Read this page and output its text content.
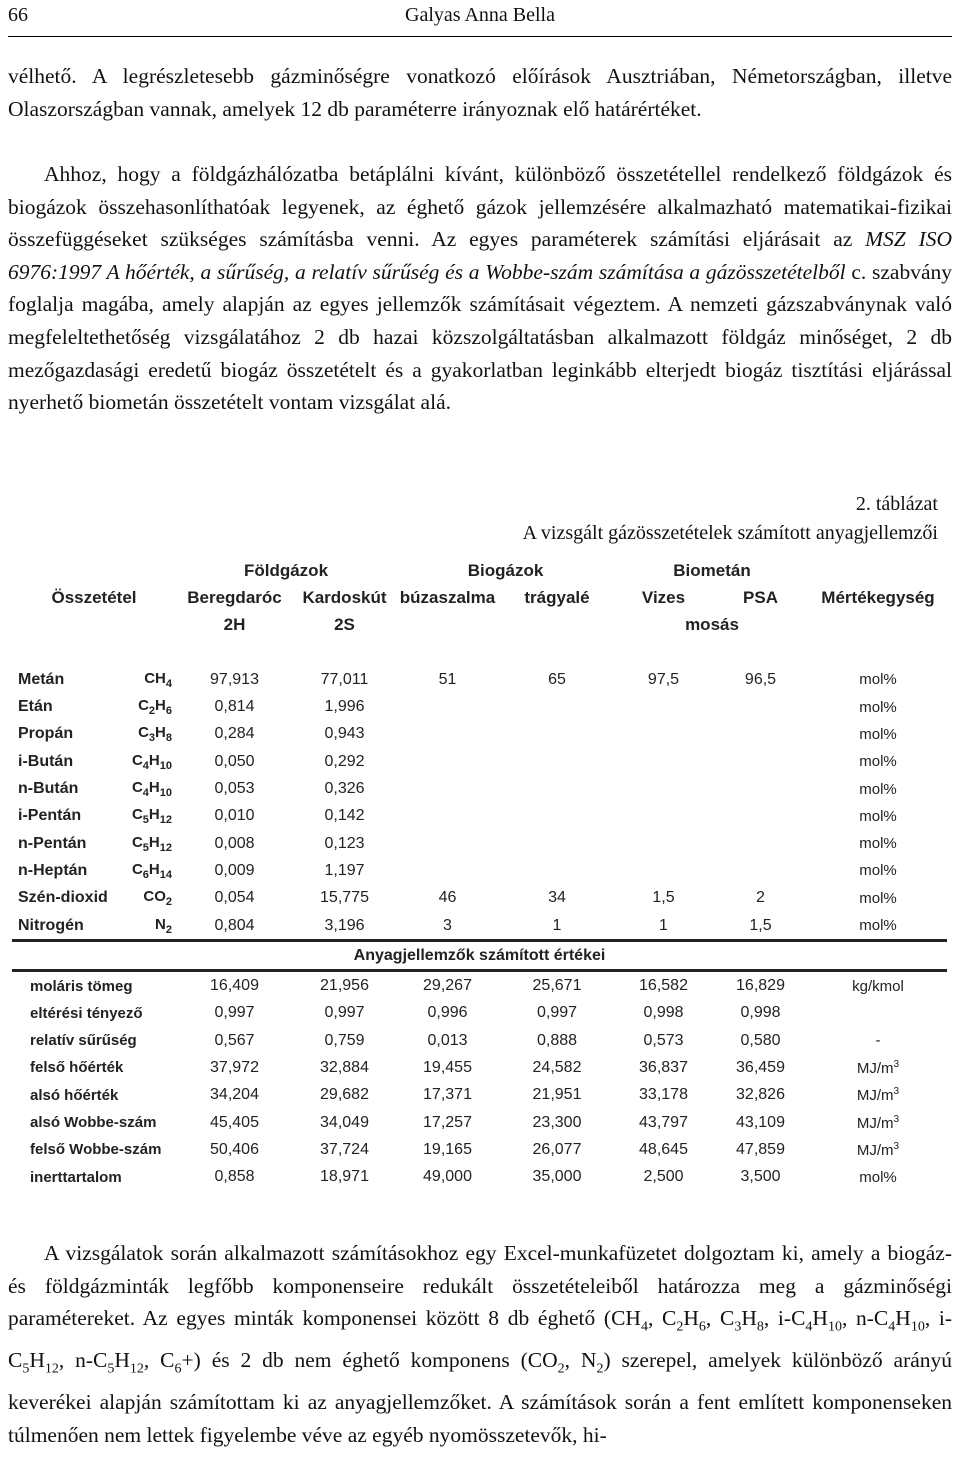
66	Galyas Anna Bella

vélhető. A legrészletesebb gázminőségre vonatkozó előírások Ausztriában, Németországban, illetve Olaszországban vannak, amelyek 12 db paraméterre irányoznak elő határértéket.

Ahhoz, hogy a földgázhálózatba betáplálni kívánt, különböző összetétellel rendelkező földgázok és biogázok összehasonlíthatóak legyenek, az éghető gázok jellemzésére alkalmazható matematikai-fizikai összefüggéseket szükséges számításba venni. Az egyes paraméterek számítási eljárásait az MSZ ISO 6976:1997 A hőérték, a sűrűség, a relatív sűrűség és a Wobbe-szám számítása a gázösszetételből c. szabvány foglalja magába, amely alapján az egyes jellemzők számításait végeztem. A nemzeti gázszabványnak való megfeleltethetőség vizsgálatához 2 db hazai közszolgáltatásban alkalmazott földgáz minőséget, 2 db mezőgazdasági eredetű biogáz összetételt és a gyakorlatban leginkább elterjedt biogáz tisztítási eljárással nyerhető biometán összetételt vontam vizsgálat alá.

2. táblázat
A vizsgált gázösszetételek számított anyagjellemzői
		Földgázok		Biogázok		Biometán		
Összetétel		Beregdaróc	Kardoskút	búzaszalma	trágyalé	Vizes	PSA	Mértékegység
		2H	2S			mosás		

Metán	$CH_4$	97,913	77,011	51	65	97,5	96,5	mol%
Etán	$C_2H_6$	0,814	1,996					mol%
Propán	$C_3H_8$	0,284	0,943					mol%
i-Bután	$C_4H_{10}$	0,050	0,292					mol%
n-Bután	$C_4H_{10}$	0,053	0,326					mol%
i-Pentán	$C_5H_{12}$	0,010	0,142					mol%
n-Pentán	$C_5H_{12}$	0,008	0,123					mol%
n-Heptán	$C_6H_{14}$	0,009	1,197					mol%
Szén-dioxid	$CO_2$	0,054	15,775	46	34	1,5	2	mol%
Nitrogén	$N_2$	0,804	3,196	3	1	1	1,5	mol%
Anyagjellemzők számított értékei								
moláris tömeg		16,409	21,956	29,267	25,671	16,582	16,829	kg/kmol
eltérési tényező		0,997	0,997	0,996	0,997	0,998	0,998	
relatív sűrűség		0,567	0,759	0,013	0,888	0,573	0,580	-
felső hőérték		37,972	32,884	19,455	24,582	36,837	36,459	$MJ/m^3$
alsó hőérték		34,204	29,682	17,371	21,951	33,178	32,826	$MJ/m^3$
alsó Wobbe-szám		45,405	34,049	17,257	23,300	43,797	43,109	$MJ/m^3$
felső Wobbe-szám		50,406	37,724	19,165	26,077	48,645	47,859	$MJ/m^3$
inerttartalom		0,858	18,971	49,000	35,000	2,500	3,500	mol%

A vizsgálatok során alkalmazott számításokhoz egy Excel-munkafüzetet dolgoztam ki, amely a biogáz- és földgázminták legfőbb komponenseire redukált összetételeiből határozza meg a gázminőségi paramétereket. Az egyes minták komponensei között 8 db éghető ($CH_4$, $C_2H_6$, $C_3H_8$, $i-C_4H_{10}$, $n-C_4H_{10}$, $i-C_5H_{12}$, $n-C_5H_{12}$, $C_6+$) és 2 db nem éghető komponens ($CO_2$, $N_2$) szerepel, amelyek különböző arányú keverékei alapján számítottam ki az anyagjellemzőket. A számítások során a fent említett komponenseken túlmenően nem lettek figyelembe véve az egyéb nyomösszetevők, hi-
